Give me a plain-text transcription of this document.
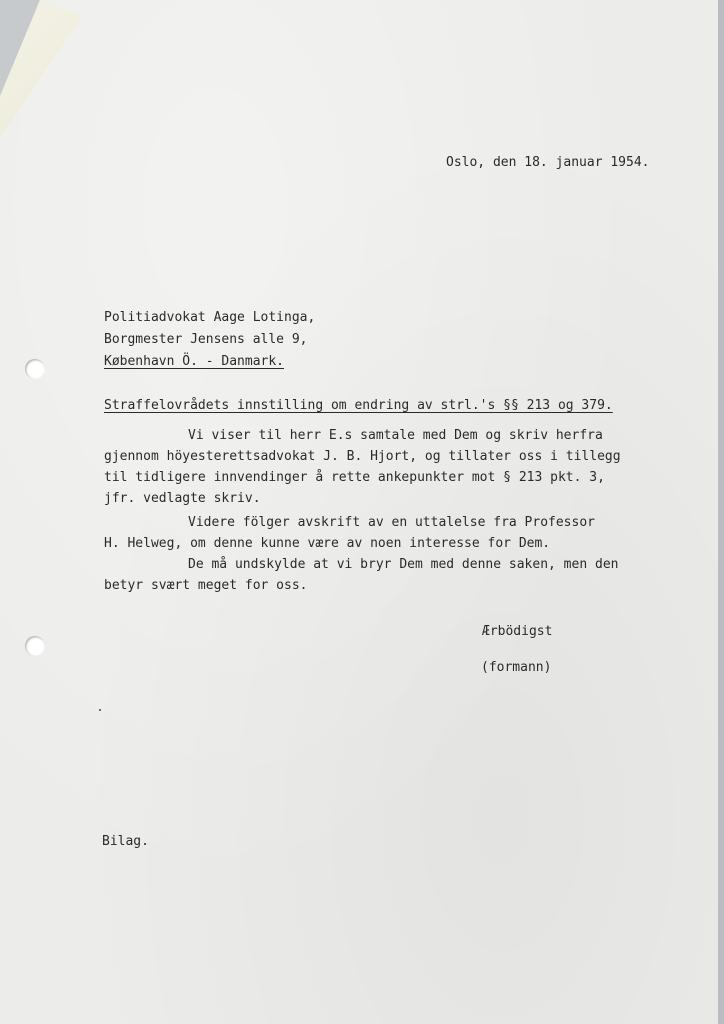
Oslo, den 18. januar 1954.
Politiadvokat Aage Lotinga,
Borgmester Jensens alle 9,
København Ö. - Danmark.
Straffelovrådets innstilling om endring av strl.'s §§ 213 og 379.
Vi viser til herr E.s samtale med Dem og skriv herfra
gjennom höyesterettsadvokat J. B. Hjort, og tillater oss i tillegg
til tidligere innvendinger å rette ankepunkter mot § 213 pkt. 3,
jfr. vedlagte skriv.
Videre fölger avskrift av en uttalelse fra Professor
H. Helweg, om denne kunne være av noen interesse for Dem.
De må undskylde at vi bryr Dem med denne saken, men den
betyr svært meget for oss.
Ærbödigst
(formann)
Bilag.
